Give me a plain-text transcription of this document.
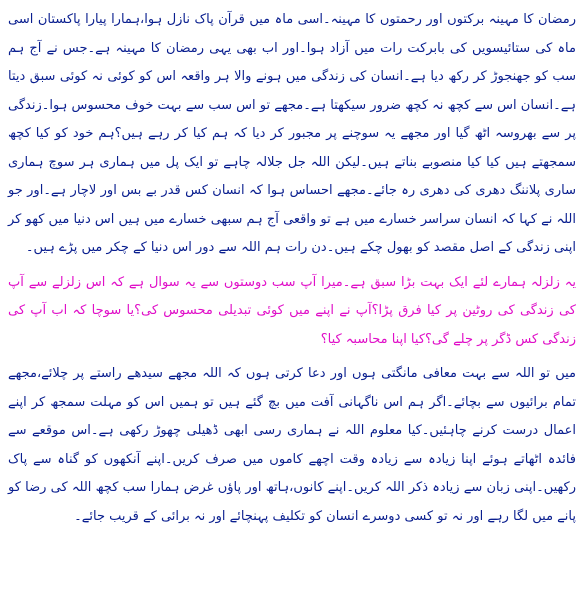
رمضان کا مہینہ برکتوں اور رحمتوں کا مہینہ۔اسی ماہ میں قرآن پاک نازل ہوا،ہمارا پیارا پاکستان اسی ماہ کی ستائیسویں کی بابرکت رات میں آزاد ہوا۔اور اب بھی یہی رمضان کا مہینہ ہے۔جس نے آج ہم سب کو جھنجوڑ کر رکھ دیا ہے۔انسان کی زندگی میں ہونے والا ہر واقعہ اس کو کوئی نہ کوئی سبق دیتا ہے۔انسان اس سے کچھ نہ کچھ ضرور سیکھتا ہے۔مجھے تو اس سب سے بہت خوف محسوس ہوا۔زندگی پر سے بھروسہ اٹھ گیا اور مجھے یہ سوچنے پر مجبور کر دیا کہ ہم کیا کر رہے ہیں؟ہم خود کو کیا کچھ سمجھتے ہیں کیا کیا منصوبے بناتے ہیں۔لیکن اللہ جل جلالہ چاہے تو ایک پل میں ہماری ہر سوچ ہماری ساری پلاننگ دھری کی دھری رہ جائے۔مجھے احساس ہوا کہ انسان کس قدر بے بس اور لاچار ہے۔اور جو اللہ نے کہا کہ انسان سراسر خسارے میں ہے تو واقعی آج ہم سبھی خسارے میں ہیں اس دنیا میں کھو کر اپنی زندگی کے اصل مقصد کو بھول چکے ہیں۔دن رات ہم اللہ سے دور اس دنیا کے چکر میں پڑے ہیں۔

یہ زلزلہ ہمارے لئے ایک بہت بڑا سبق ہے۔میرا آپ سب دوستوں سے یہ سوال ہے کہ اس زلزلے سے آپ کی زندگی کی روٹین پر کیا فرق پڑا؟آپ نے اپنے میں کوئی تبدیلی محسوس کی؟یا سوچا کہ اب آپ کی زندگی کس ڈگر پر چلے گی؟کیا اپنا محاسبہ کیا؟

میں تو اللہ سے بہت معافی مانگتی ہوں اور دعا کرتی ہوں کہ اللہ مجھے سیدھے راستے پر چلائے،مجھے تمام برائیوں سے بچائے۔اگر ہم اس ناگہانی آفت میں بچ گئے ہیں تو ہمیں اس کو مہلت سمجھ کر اپنے اعمال درست کرنے چاہئیں۔کیا معلوم اللہ نے ہماری رسی ابھی ڈھیلی چھوڑ رکھی ہے۔اس موقعے سے فائدہ اٹھاتے ہوئے اپنا زیادہ سے زیادہ وقت اچھے کاموں میں صرف کریں۔اپنے آنکھوں کو گناہ سے پاک رکھیں۔اپنی زبان سے زیادہ ذکر اللہ کریں۔اپنے کانوں،ہاتھ اور پاؤں غرض ہمارا سب کچھ اللہ کی رضا کو پانے میں لگا رہے اور نہ تو کسی دوسرے انسان کو تکلیف پہنچائے اور نہ برائی کے قریب جائے۔
